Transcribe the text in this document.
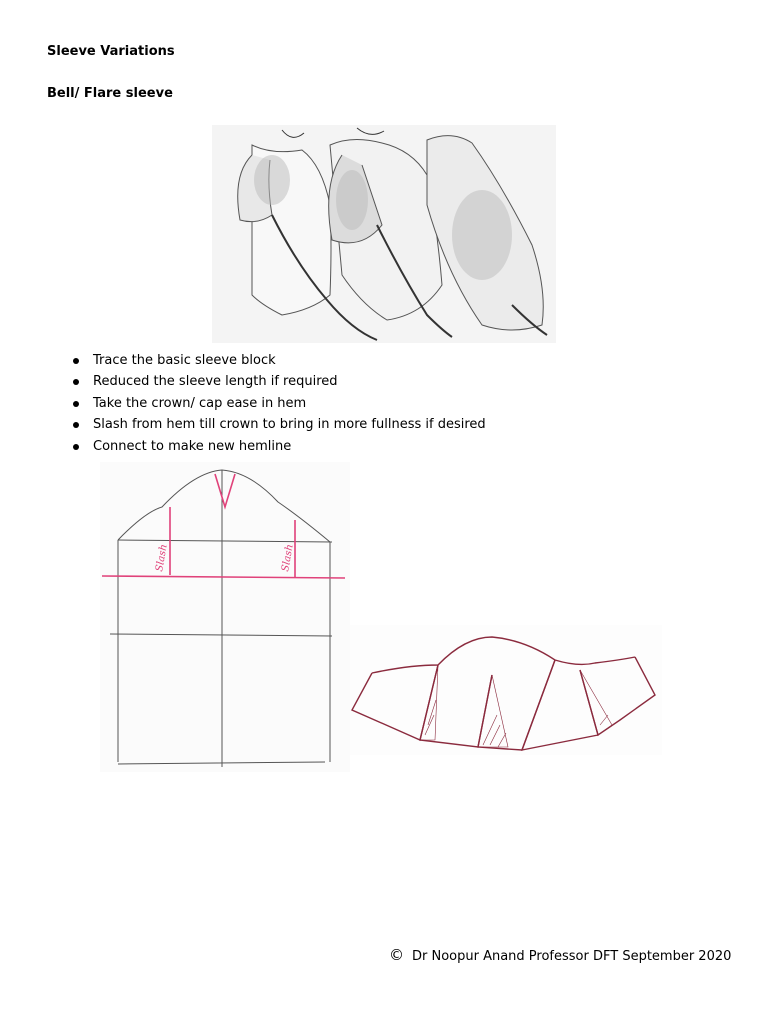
Sleeve Variations
Bell/ Flare sleeve
Trace the basic sleeve block
Reduced the sleeve length if required
Take the crown/ cap ease in hem
Slash from hem till crown to bring in more fullness if desired
Connect to make new hemline
Slash	Slash
© Dr Noopur Anand Professor DFT September 2020
